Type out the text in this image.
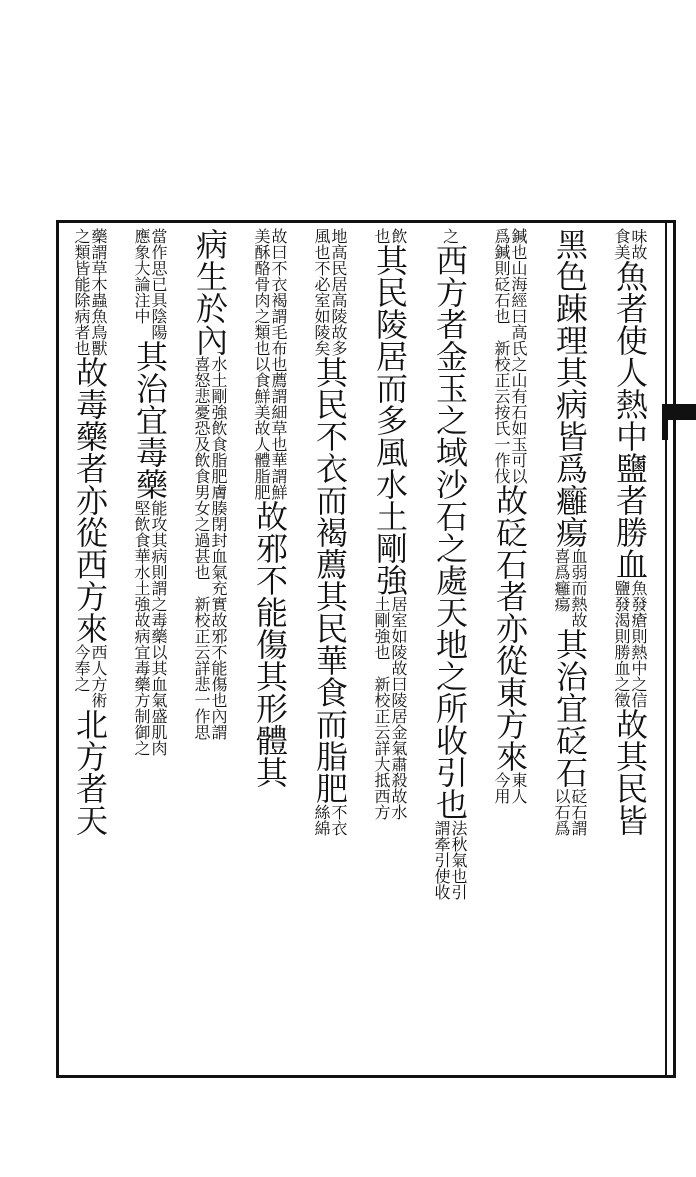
味故
食美
魚者使人熱中鹽者勝血
魚發瘡則熱中之信
鹽發渴則勝血之徵
故其民皆
黑色踈理其病皆爲癰瘍
血弱而熱故
喜爲癰瘍
其治宜砭石
砭石謂
以石爲
鍼也山海經曰高氏之山有石如玉可以
爲鍼則砭石也　新校正云按氏一作伐
故砭石者亦從東方來
東人
今用
之
西方者金玉之域沙石之處天地之所收引也
法秋氣也引
謂牽引使收
飲
也
其民陵居而多風水土剛強
居室如陵故曰陵居金氣肅殺故水
土剛強也　新校正云詳大抵西方
地高民居高陵故多
風也不必室如陵矣
其民不衣而褐薦其民華食而脂肥
不衣
絲綿
故曰不衣褐謂毛布也薦謂細草也華謂鮮
美酥酪骨肉之類也以食鮮美故人體脂肥
故邪不能傷其形體其
病生於內
水土剛強飲食脂肥膚腠閉封血氣充實故邪不能傷也內謂
喜怒悲憂恐及飲食男女之過甚也　新校正云詳悲一作思
當作思已具陰陽
應象大論注中
其治宜毒藥
能攻其病則謂之毒藥以其血氣盛肌肉
堅飲食華水土強故病宜毒藥方制御之
藥謂草木蟲魚鳥獸
之類皆能除病者也
故毒藥者亦從西方來
西人方術
今奉之
北方者天
